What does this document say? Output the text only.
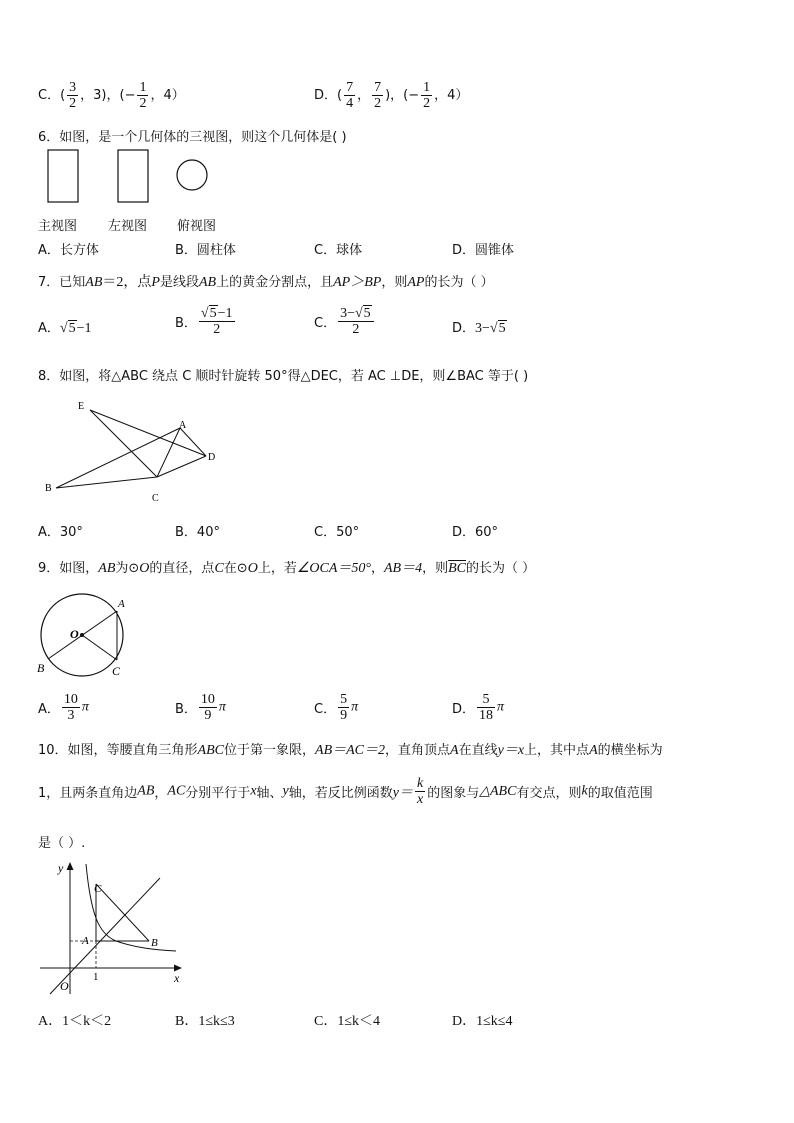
C．( $\frac{3}{2}$ ，3)，(− $\frac{1}{2}$ ，4）	D．( $\frac{7}{4}$ ， $\frac{7}{2}$ )，(− $\frac{1}{2}$ ，4）
6．如图，是一个几何体的三视图，则这个几何体是( )
主视图 左视图 俯视图
A．长方体	B．圆柱体	C．球体	D．圆锥体
7．已知AB＝2，点P是线段AB上的黄金分割点，且AP＞BP，则AP的长为（ ）
A．√5−1	B． $\frac{√5-1}{2}$	C． $\frac{3-√5}{2}$	D．3−√5
8．如图，将△ABC 绕点 C 顺时针旋转 50°得△DEC，若 AC ⊥DE，则∠BAC 等于( )
E
A
D
B
C
A．30°	B．40°	C．50°	D．60°
9．如图，AB为⊙O的直径，点C在⊙O上，若∠OCA＝50°，AB＝4，则$\overline{BC}$的长为（ ）
A
O
B	C
A． $\frac{10}{3}$ π	B． $\frac{10}{9}$ π	C． $\frac{5}{9}$ π	D． $\frac{5}{18}$ π
10．如图，等腰直角三角形ABC位于第一象限，AB＝AC＝2，直角顶点A在直线y＝x上，其中点A的横坐标为
1，且两条直角边AB，AC分别平行于x轴、y轴，若反比例函数$y= \frac{k}{x}$ 的图象与△ABC有交点，则k的取值范围
是（ ）.
y
C
A	B
1
O
x
A．1＜k＜2	B．1≤k≤3	C．1≤k＜4	D．1≤k≤4
